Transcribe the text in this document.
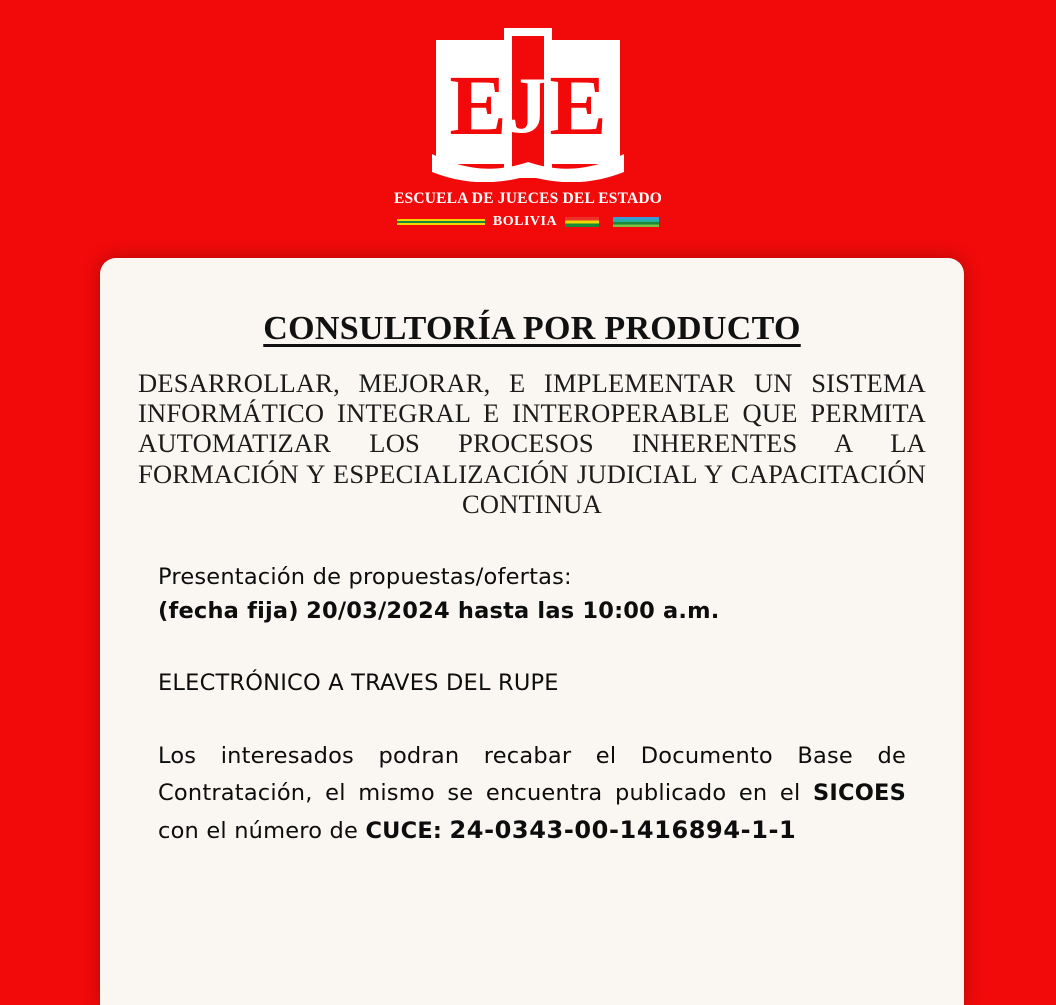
E J E
ESCUELA DE JUECES DEL ESTADO
BOLIVIA
CONSULTORÍA POR PRODUCTO
DESARROLLAR, MEJORAR, E IMPLEMENTAR UN SISTEMA INFORMÁTICO INTEGRAL E INTEROPERABLE QUE PERMITA AUTOMATIZAR LOS PROCESOS INHERENTES A LA FORMACIÓN Y ESPECIALIZACIÓN JUDICIAL Y CAPACITACIÓN CONTINUA
Presentación de propuestas/ofertas:
(fecha fija) 20/03/2024 hasta las 10:00 a.m.
ELECTRÓNICO A TRAVES DEL RUPE
Los interesados podran recabar el Documento Base de Contratación, el mismo se encuentra publicado en el SICOES con el número de CUCE: 24-0343-00-1416894-1-1
